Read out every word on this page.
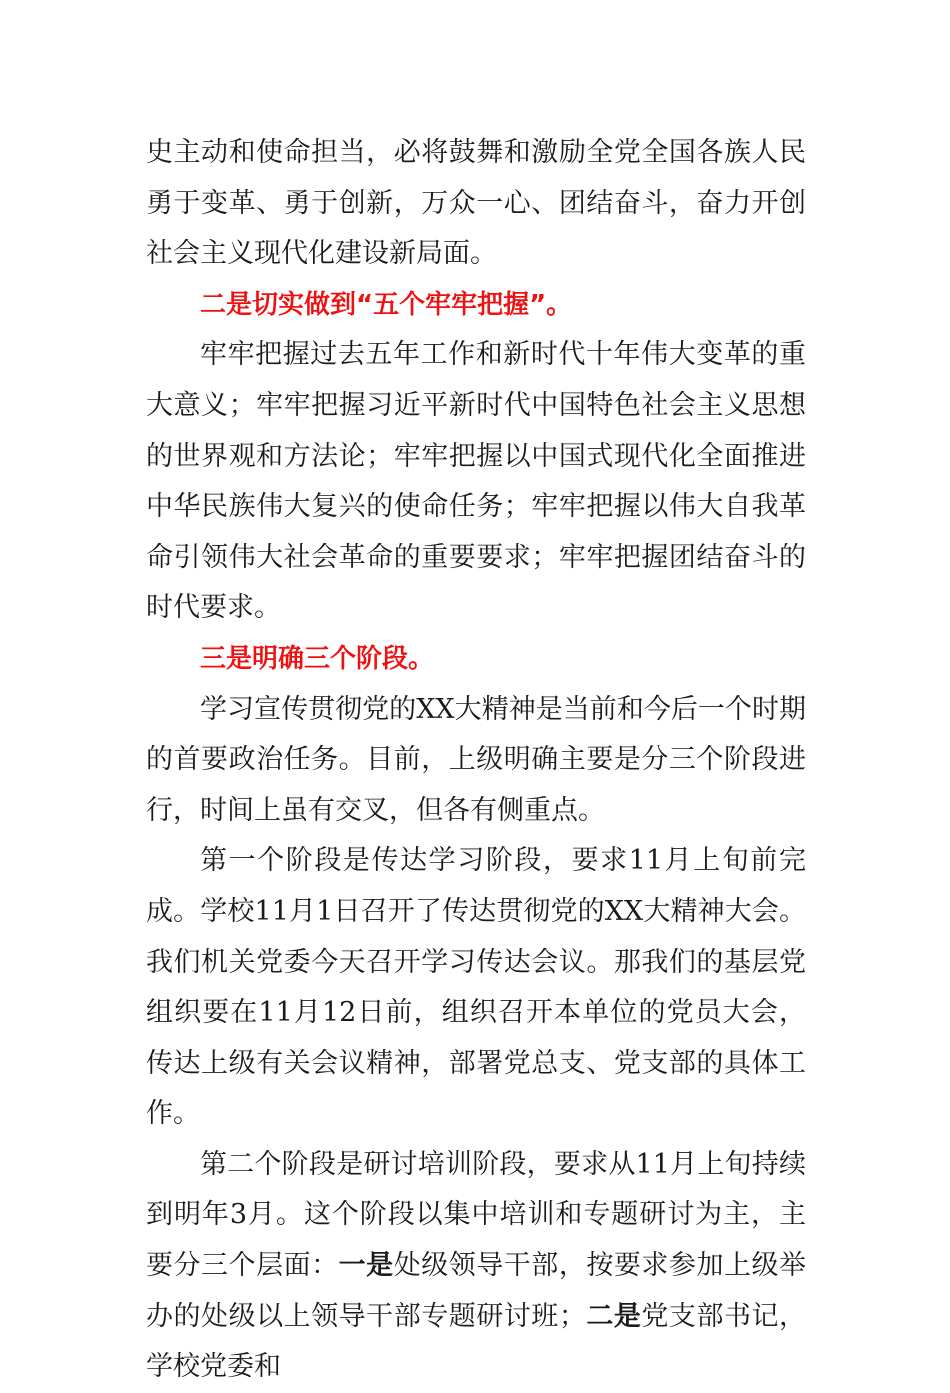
史主动和使命担当，必将鼓舞和激励全党全国各族人民勇于变革、勇于创新，万众一心、团结奋斗，奋力开创社会主义现代化建设新局面。

二是切实做到“五个牢牢把握”。

牢牢把握过去五年工作和新时代十年伟大变革的重大意义；牢牢把握习近平新时代中国特色社会主义思想的世界观和方法论；牢牢把握以中国式现代化全面推进中华民族伟大复兴的使命任务；牢牢把握以伟大自我革命引领伟大社会革命的重要要求；牢牢把握团结奋斗的时代要求。

三是明确三个阶段。

学习宣传贯彻党的XX大精神是当前和今后一个时期的首要政治任务。目前，上级明确主要是分三个阶段进行，时间上虽有交叉，但各有侧重点。

第一个阶段是传达学习阶段，要求11月上旬前完成。学校11月1日召开了传达贯彻党的XX大精神大会。我们机关党委今天召开学习传达会议。那我们的基层党组织要在11月12日前，组织召开本单位的党员大会，传达上级有关会议精神，部署党总支、党支部的具体工作。

第二个阶段是研讨培训阶段，要求从11月上旬持续到明年3月。这个阶段以集中培训和专题研讨为主，主要分三个层面：一是处级领导干部，按要求参加上级举办的处级以上领导干部专题研讨班；二是党支部书记，学校党委和
